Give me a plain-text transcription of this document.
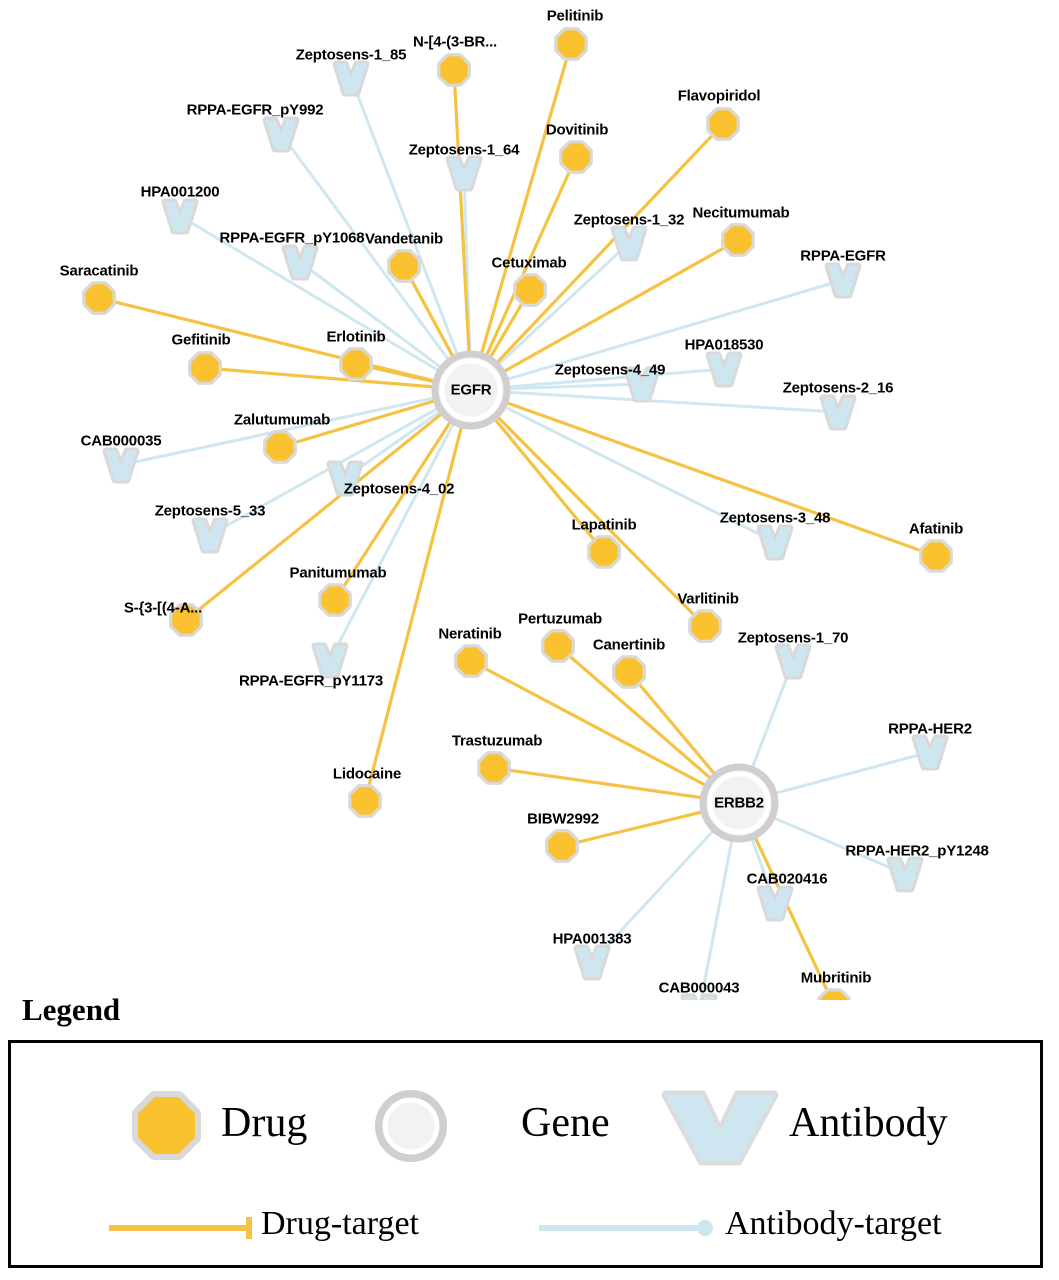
Pelitinib
N-[4-(3-BR...
Flavopiridol
Dovitinib
Necitumumab
Vandetanib
Cetuximab
Saracatinib
Erlotinib
Gefitinib
Zalutumumab
Lapatinib	Afatinib
Panitumumab
Varlitinib
S-{3-[(4-A...
Pertuzumab
Neratinib
Canertinib
Trastuzumab
Lidocaine
BIBW2992
Mubritinib
Zeptosens-1_85
RPPA-EGFR_pY992
Zeptosens-1_64
HPA001200
Zeptosens-1_32
RPPA-EGFR_pY1068
RPPA-EGFR
HPA018530
Zeptosens-4_49
Zeptosens-2_16
CAB000035
Zeptosens-4_02
Zeptosens-5_33	Zeptosens-3_48
Zeptosens-1_70
RPPA-EGFR_pY1173
RPPA-HER2
RPPA-HER2_pY1248
CAB020416
HPA001383
CAB000043
EGFR
ERBB2
Legend
Drug	Gene	Antibody
Drug-target	Antibody-target
